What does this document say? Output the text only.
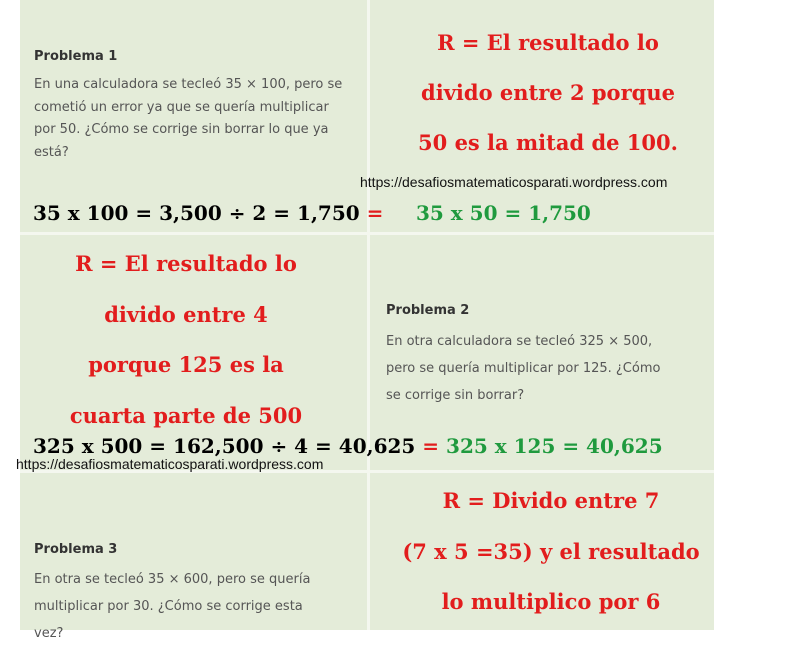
Problema 1
En una calculadora se tecleó 35 × 100, pero se
cometió un error ya que se quería multiplicar
por 50. ¿Cómo se corrige sin borrar lo que ya
está?
R = El resultado lo
divido entre 2 porque
50 es la mitad de 100.
https://desafiosmatematicosparati.wordpress.com
35 x 100 = 3,500 ÷ 2 = 1,750 = 35 x 50 = 1,750
R = El resultado lo
divido entre 4
porque 125 es la
cuarta parte de 500
Problema 2
En otra calculadora se tecleó 325 × 500,
pero se quería multiplicar por 125. ¿Cómo
se corrige sin borrar?
325 x 500 = 162,500 ÷ 4 = 40,625 = 325 x 125 = 40,625
https://desafiosmatematicosparati.wordpress.com
R = Divido entre 7
(7 x 5 =35) y el resultado
lo multiplico por 6
Problema 3
En otra se tecleó 35 × 600, pero se quería
multiplicar por 30. ¿Cómo se corrige esta
vez?
